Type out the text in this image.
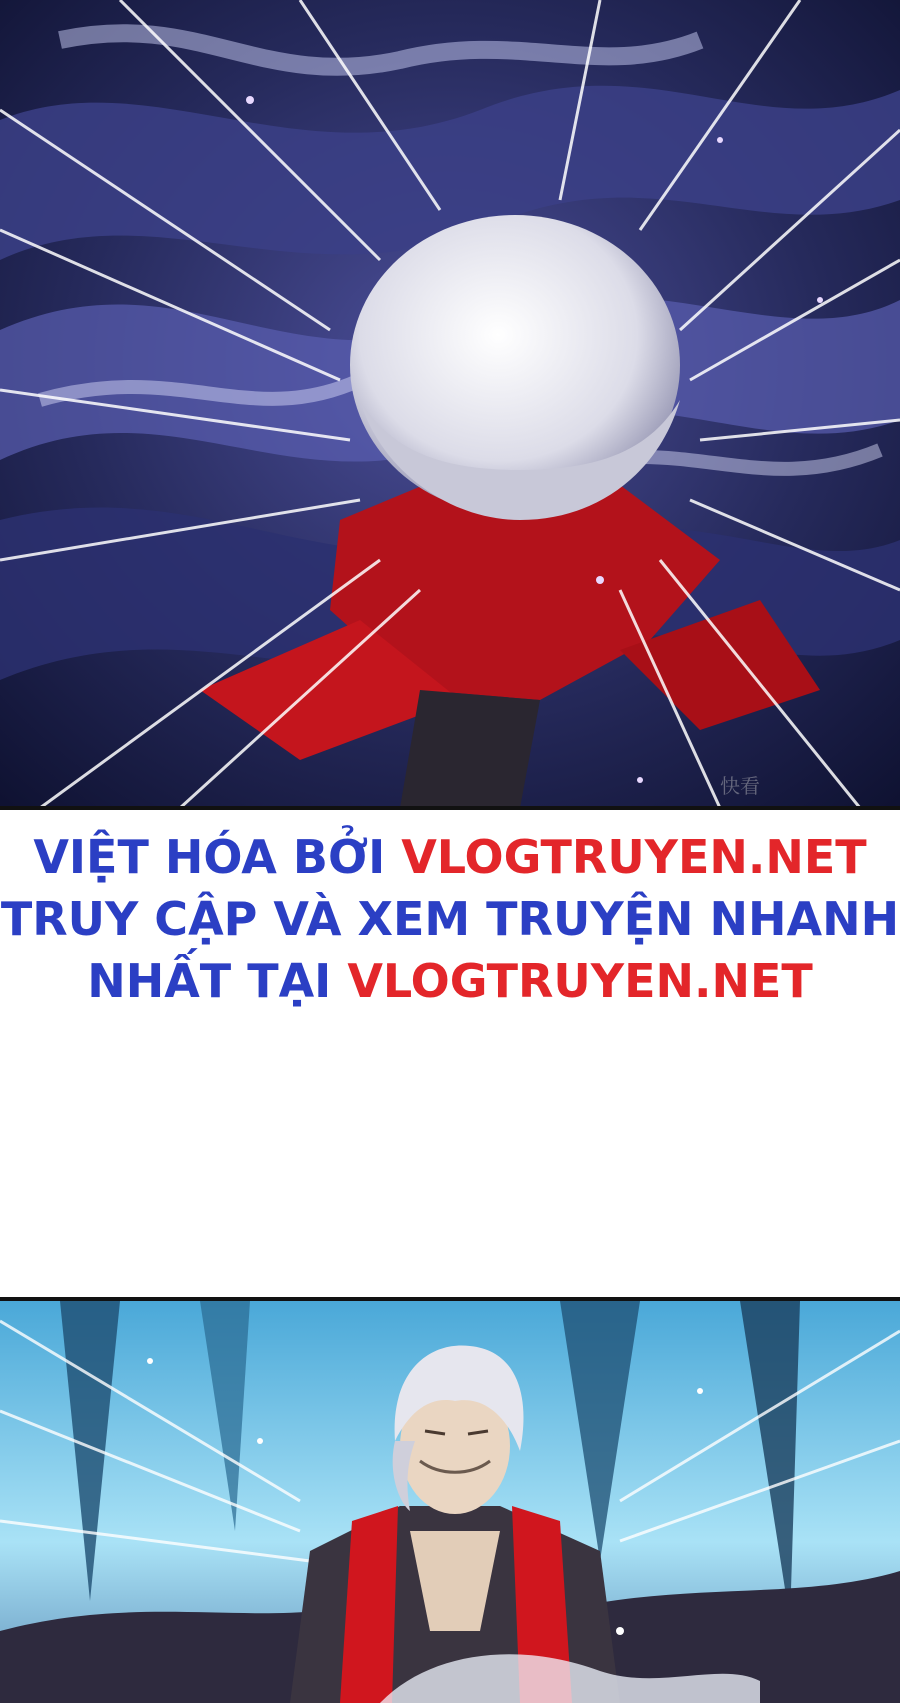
快看
VIỆT HÓA BỞI VLOGTRUYEN.NET
TRUY CẬP VÀ XEM TRUYỆN NHANH
NHẤT TẠI VLOGTRUYEN.NET
